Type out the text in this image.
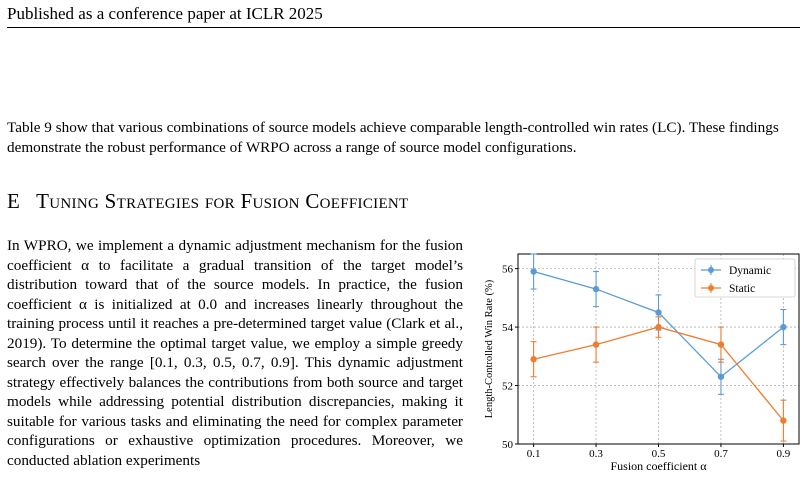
Published as a conference paper at ICLR 2025

Table 9 show that various combinations of source models achieve comparable length-controlled win rates (LC). These findings demonstrate the robust performance of WRPO across a range of source model configurations.

E Tuning Strategies for Fusion Coefficient

In WPRO, we implement a dynamic adjustment mechanism for the fusion coefficient α to facilitate a gradual transition of the target model’s distribution toward that of the source models. In practice, the fusion coefficient α is initialized at 0.0 and increases linearly throughout the training process until it reaches a pre-determined target value (Clark et al., 2019). To determine the optimal target value, we employ a simple greedy search over the range [0.1, 0.3, 0.5, 0.7, 0.9]. This dynamic adjustment strategy effectively balances the contributions from both source and target models while addressing potential distribution discrepancies, making it suitable for various tasks and eliminating the need for complex parameter configurations or exhaustive optimization procedures. Moreover, we conducted ablation experiments	0.1	0.3	0.5	0.7	0.9
50
52
54
56
Fusion coefficient α
Length-Controlled Win Rate (%)
Dynamic
Static
